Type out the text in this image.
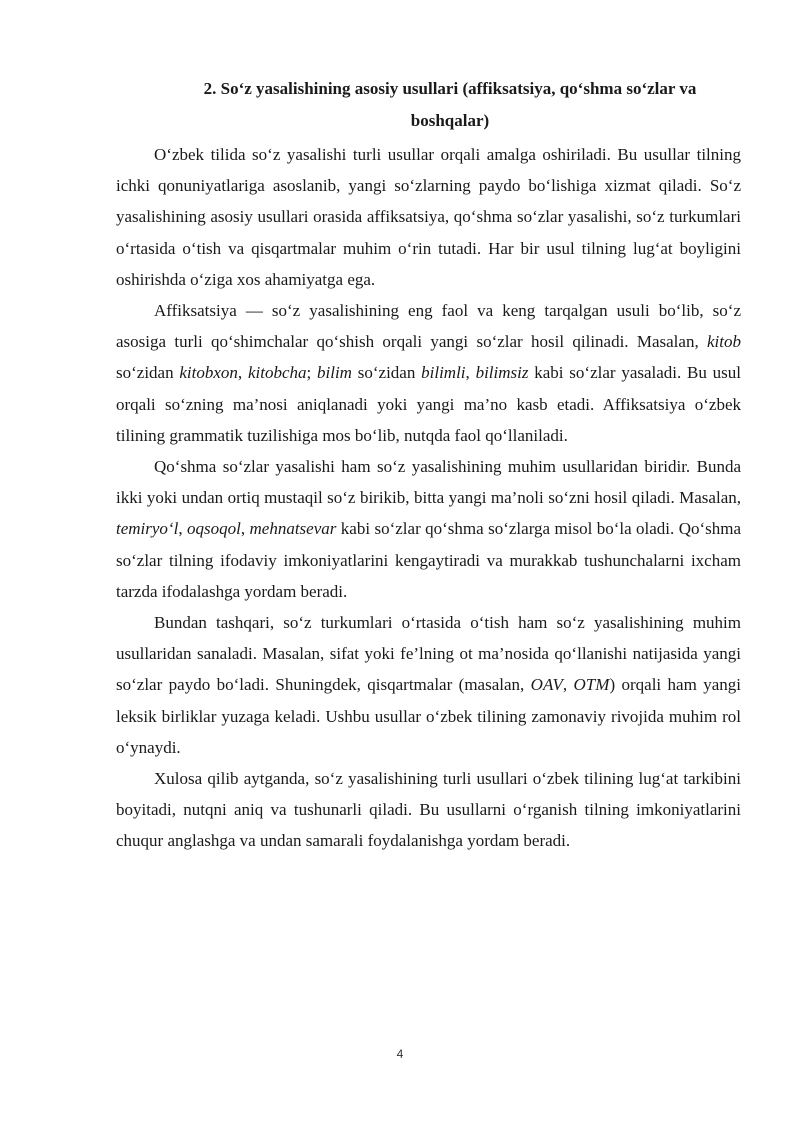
2. So‘z yasalishining asosiy usullari (affiksatsiya, qo‘shma so‘zlar va
boshqalar)

O‘zbek tilida so‘z yasalishi turli usullar orqali amalga oshiriladi. Bu usullar tilning ichki qonuniyatlariga asoslanib, yangi so‘zlarning paydo bo‘lishiga xizmat qiladi. So‘z yasalishining asosiy usullari orasida affiksatsiya, qo‘shma so‘zlar yasalishi, so‘z turkumlari o‘rtasida o‘tish va qisqartmalar muhim o‘rin tutadi. Har bir usul tilning lug‘at boyligini oshirishda o‘ziga xos ahamiyatga ega.

Affiksatsiya — so‘z yasalishining eng faol va keng tarqalgan usuli bo‘lib, so‘z asosiga turli qo‘shimchalar qo‘shish orqali yangi so‘zlar hosil qilinadi. Masalan, kitob so‘zidan kitobxon, kitobcha; bilim so‘zidan bilimli, bilimsiz kabi so‘zlar yasaladi. Bu usul orqali so‘zning ma’nosi aniqlanadi yoki yangi ma’no kasb etadi. Affiksatsiya o‘zbek tilining grammatik tuzilishiga mos bo‘lib, nutqda faol qo‘llaniladi.

Qo‘shma so‘zlar yasalishi ham so‘z yasalishining muhim usullaridan biridir. Bunda ikki yoki undan ortiq mustaqil so‘z birikib, bitta yangi ma’noli so‘zni hosil qiladi. Masalan, temiryo‘l, oqsoqol, mehnatsevar kabi so‘zlar qo‘shma so‘zlarga misol bo‘la oladi. Qo‘shma so‘zlar tilning ifodaviy imkoniyatlarini kengaytiradi va murakkab tushunchalarni ixcham tarzda ifodalashga yordam beradi.

Bundan tashqari, so‘z turkumlari o‘rtasida o‘tish ham so‘z yasalishining muhim usullaridan sanaladi. Masalan, sifat yoki fe’lning ot ma’nosida qo‘llanishi natijasida yangi so‘zlar paydo bo‘ladi. Shuningdek, qisqartmalar (masalan, OAV, OTM) orqali ham yangi leksik birliklar yuzaga keladi. Ushbu usullar o‘zbek tilining zamonaviy rivojida muhim rol o‘ynaydi.

Xulosa qilib aytganda, so‘z yasalishining turli usullari o‘zbek tilining lug‘at tarkibini boyitadi, nutqni aniq va tushunarli qiladi. Bu usullarni o‘rganish tilning imkoniyatlarini chuqur anglashga va undan samarali foydalanishga yordam beradi.

4
